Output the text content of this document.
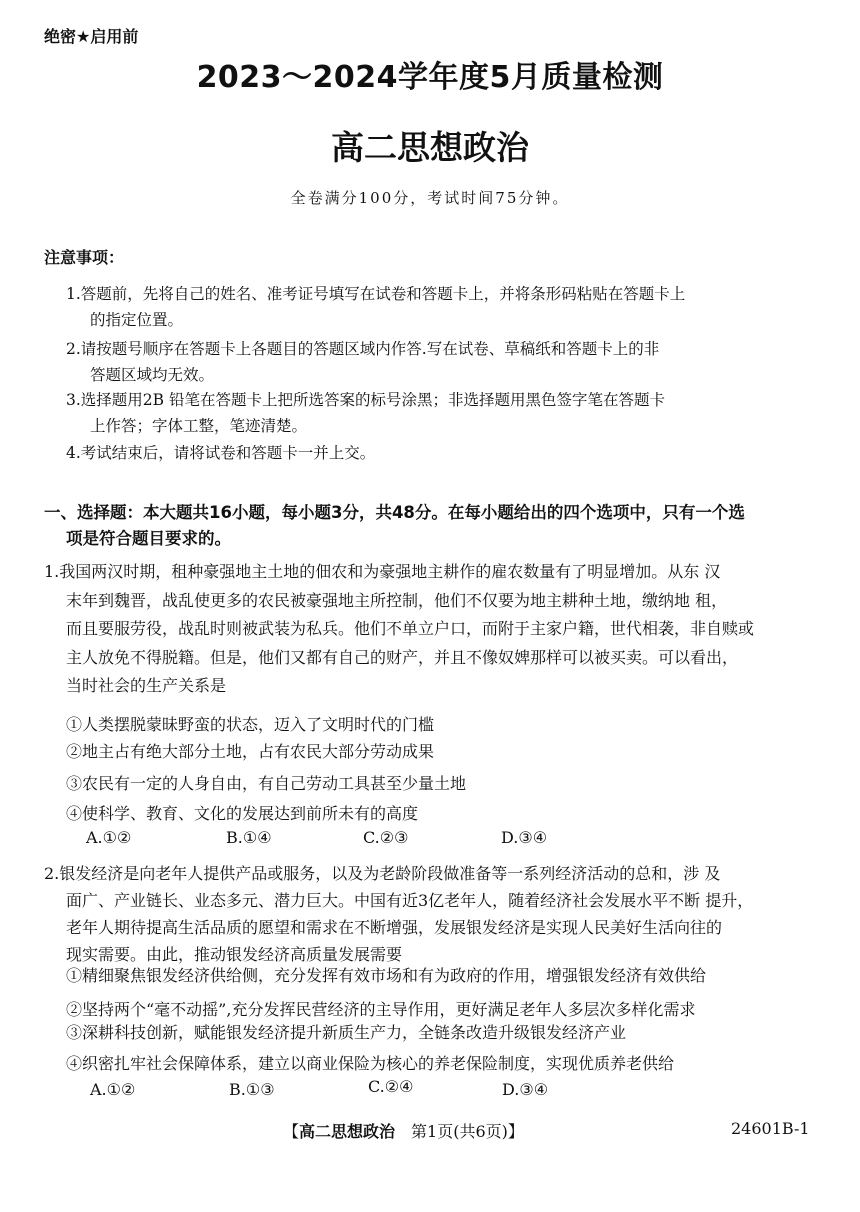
绝密★启用前
2023～2024学年度5月质量检测
高二思想政治
全卷满分100分，考试时间75分钟。
注意事项：
1.答题前，先将自己的姓名、准考证号填写在试卷和答题卡上，并将条形码粘贴在答题卡上
的指定位置。
2.请按题号顺序在答题卡上各题目的答题区域内作答.写在试卷、草稿纸和答题卡上的非
答题区域均无效。
3.选择题用2B 铅笔在答题卡上把所选答案的标号涂黑；非选择题用黑色签字笔在答题卡
上作答；字体工整，笔迹清楚。
4.考试结束后，请将试卷和答题卡一并上交。
一、选择题：本大题共16小题，每小题3分，共48分。在每小题给出的四个选项中，只有一个选
项是符合题目要求的。
1.我国两汉时期，租种豪强地主土地的佃农和为豪强地主耕作的雇农数量有了明显增加。从东 汉
末年到魏晋，战乱使更多的农民被豪强地主所控制，他们不仅要为地主耕种土地，缴纳地 租，
而且要服劳役，战乱时则被武装为私兵。他们不单立户口，而附于主家户籍，世代相袭，非自赎或
主人放免不得脱籍。但是，他们又都有自己的财产，并且不像奴婢那样可以被买卖。可以看出，
当时社会的生产关系是
①人类摆脱蒙昧野蛮的状态，迈入了文明时代的门槛
②地主占有绝大部分土地，占有农民大部分劳动成果
③农民有一定的人身自由，有自己劳动工具甚至少量土地
④使科学、教育、文化的发展达到前所未有的高度
A.①②	B.①④	C.②③	D.③④
2.银发经济是向老年人提供产品或服务，以及为老龄阶段做准备等一系列经济活动的总和，涉 及
面广、产业链长、业态多元、潜力巨大。中国有近3亿老年人，随着经济社会发展水平不断 提升，
老年人期待提高生活品质的愿望和需求在不断增强，发展银发经济是实现人民美好生活向往的
现实需要。由此，推动银发经济高质量发展需要
①精细聚焦银发经济供给侧，充分发挥有效市场和有为政府的作用，增强银发经济有效供给
②坚持两个“毫不动摇”,充分发挥民营经济的主导作用，更好满足老年人多层次多样化需求
③深耕科技创新，赋能银发经济提升新质生产力，全链条改造升级银发经济产业
④织密扎牢社会保障体系，建立以商业保险为核心的养老保险制度，实现优质养老供给
A.①②	B.①③	C.②④	D.③④
【高二思想政治　第1页(共6页)】	24601B-1
